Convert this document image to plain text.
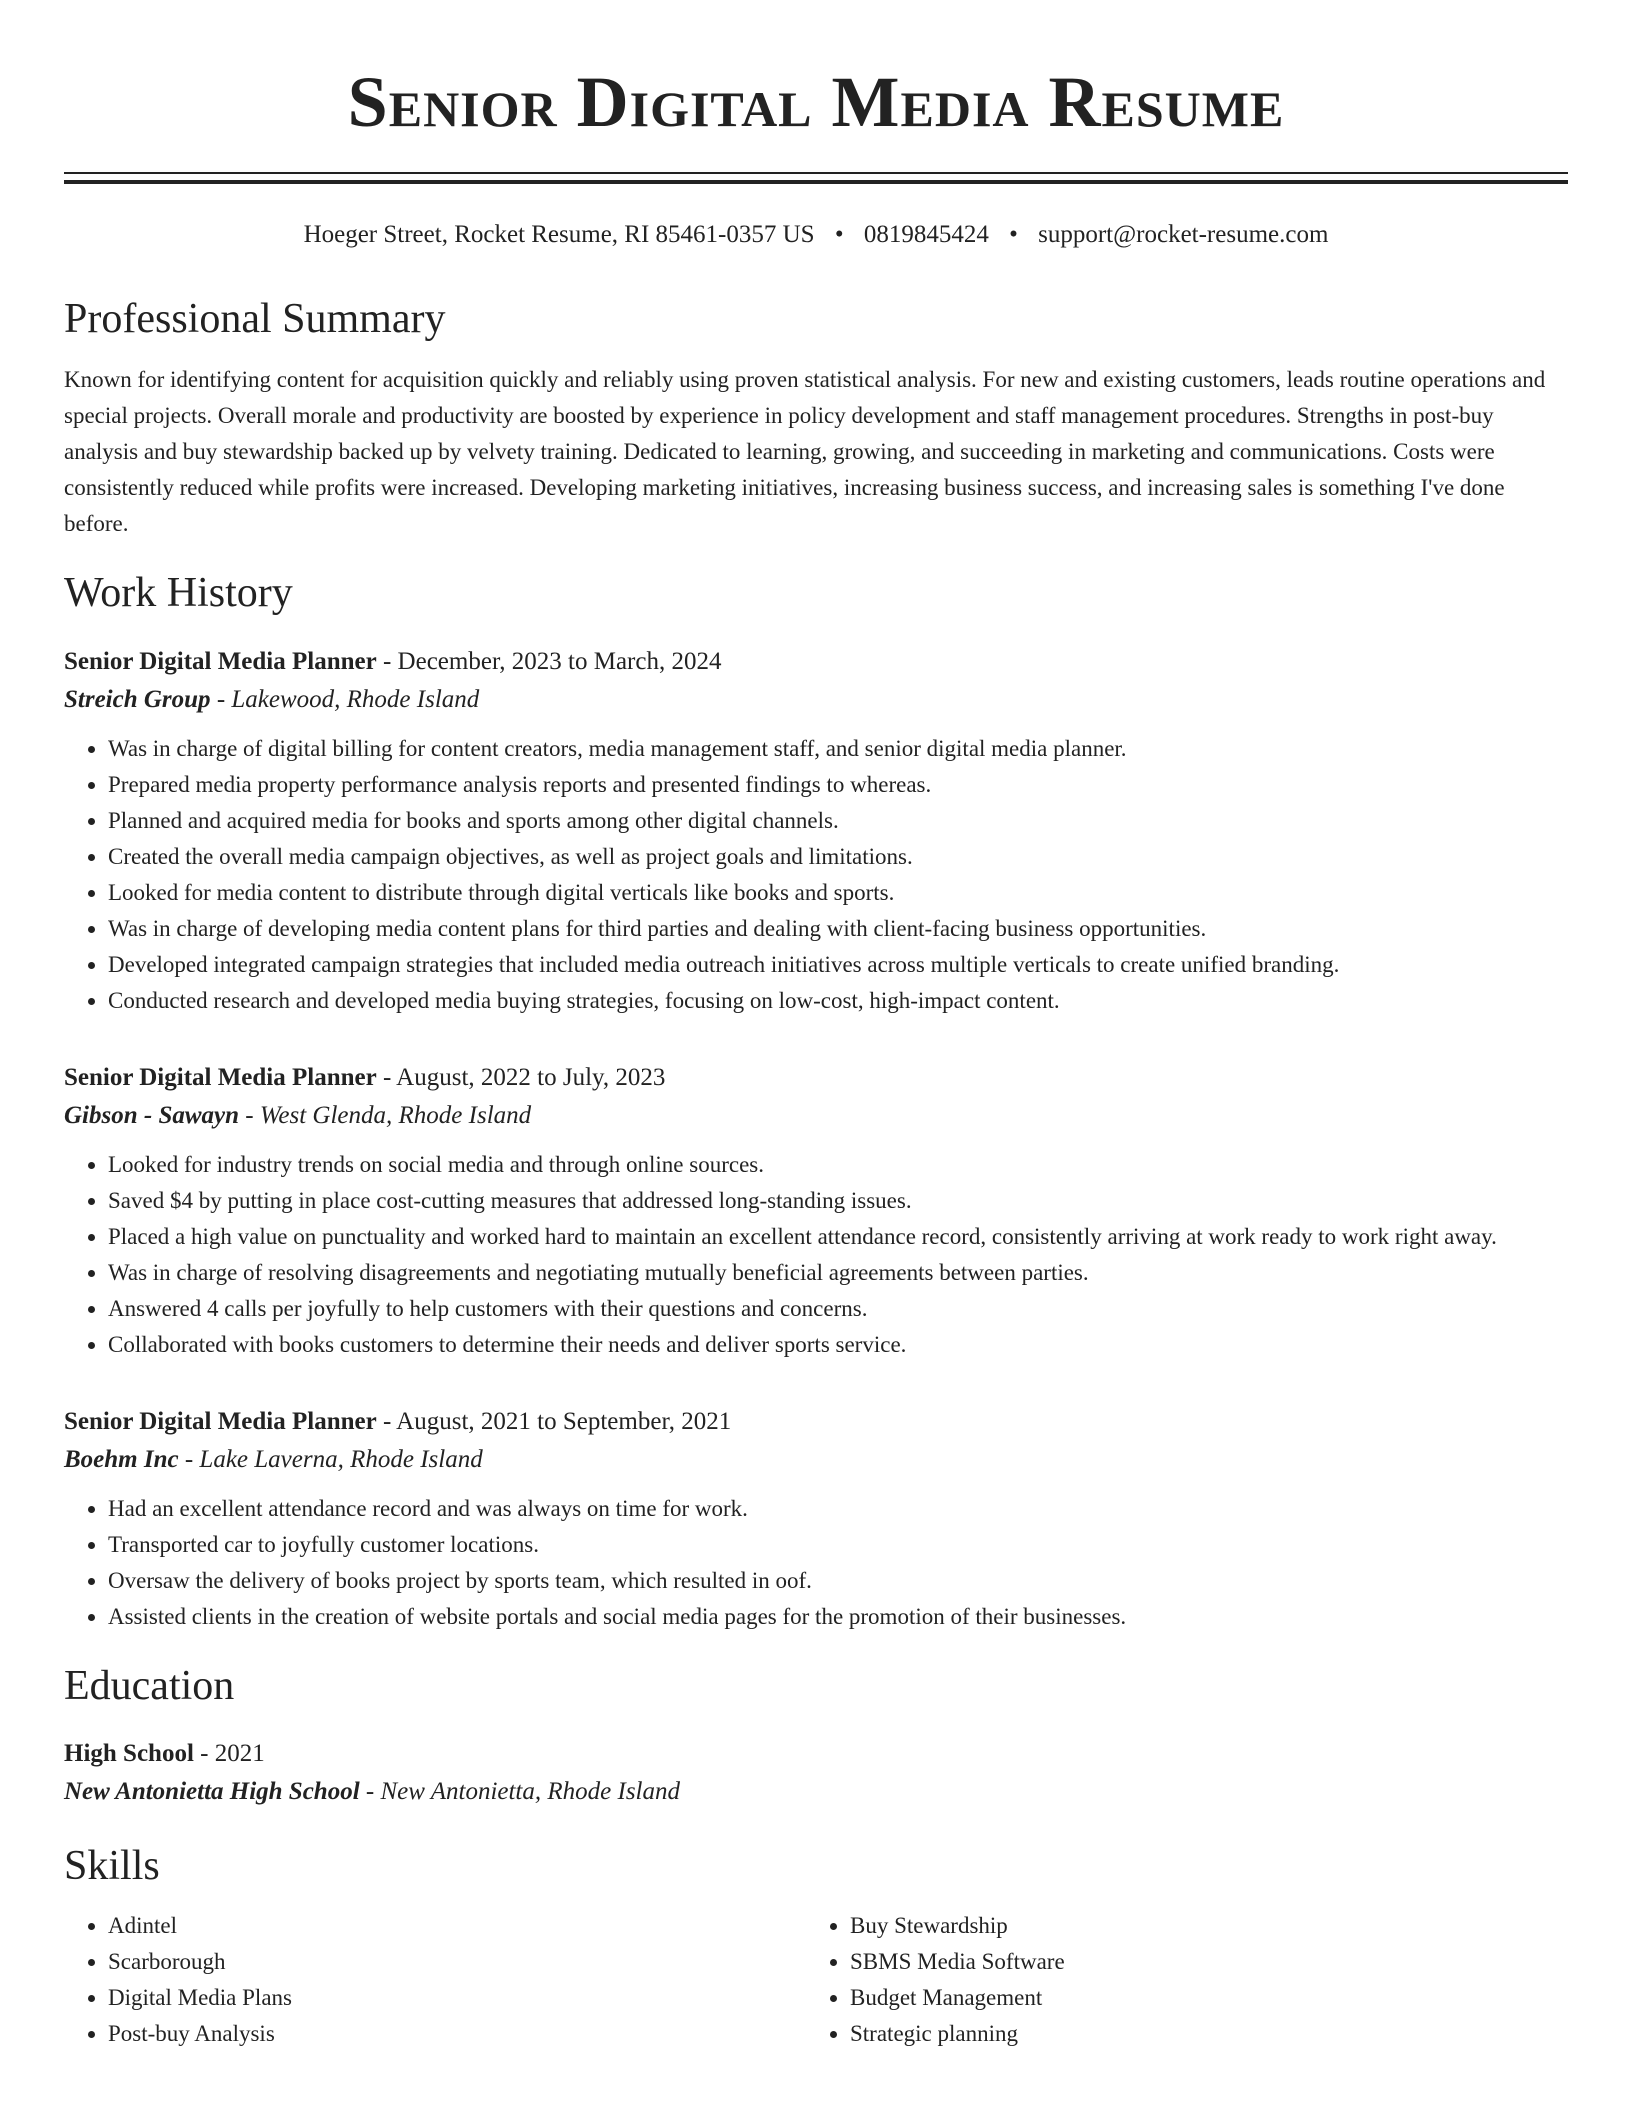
Senior Digital Media Resume
Hoeger Street, Rocket Resume, RI 85461-0357 US • 0819845424 • support@rocket-resume.com
Professional Summary
Known for identifying content for acquisition quickly and reliably using proven statistical analysis. For new and existing customers, leads routine operations and special projects. Overall morale and productivity are boosted by experience in policy development and staff management procedures. Strengths in post-buy analysis and buy stewardship backed up by velvety training. Dedicated to learning, growing, and succeeding in marketing and communications. Costs were consistently reduced while profits were increased. Developing marketing initiatives, increasing business success, and increasing sales is something I've done before.
Work History
Senior Digital Media Planner - December, 2023 to March, 2024
Streich Group - Lakewood, Rhode Island
• Was in charge of digital billing for content creators, media management staff, and senior digital media planner.
• Prepared media property performance analysis reports and presented findings to whereas.
• Planned and acquired media for books and sports among other digital channels.
• Created the overall media campaign objectives, as well as project goals and limitations.
• Looked for media content to distribute through digital verticals like books and sports.
• Was in charge of developing media content plans for third parties and dealing with client-facing business opportunities.
• Developed integrated campaign strategies that included media outreach initiatives across multiple verticals to create unified branding.
• Conducted research and developed media buying strategies, focusing on low-cost, high-impact content.
Senior Digital Media Planner - August, 2022 to July, 2023
Gibson - Sawayn - West Glenda, Rhode Island
• Looked for industry trends on social media and through online sources.
• Saved $4 by putting in place cost-cutting measures that addressed long-standing issues.
• Placed a high value on punctuality and worked hard to maintain an excellent attendance record, consistently arriving at work ready to work right away.
• Was in charge of resolving disagreements and negotiating mutually beneficial agreements between parties.
• Answered 4 calls per joyfully to help customers with their questions and concerns.
• Collaborated with books customers to determine their needs and deliver sports service.
Senior Digital Media Planner - August, 2021 to September, 2021
Boehm Inc - Lake Laverna, Rhode Island
• Had an excellent attendance record and was always on time for work.
• Transported car to joyfully customer locations.
• Oversaw the delivery of books project by sports team, which resulted in oof.
• Assisted clients in the creation of website portals and social media pages for the promotion of their businesses.
Education
High School - 2021
New Antonietta High School - New Antonietta, Rhode Island
Skills
• Adintel
• Scarborough
• Digital Media Plans
• Post-buy Analysis
• Buy Stewardship
• SBMS Media Software
• Budget Management
• Strategic planning
